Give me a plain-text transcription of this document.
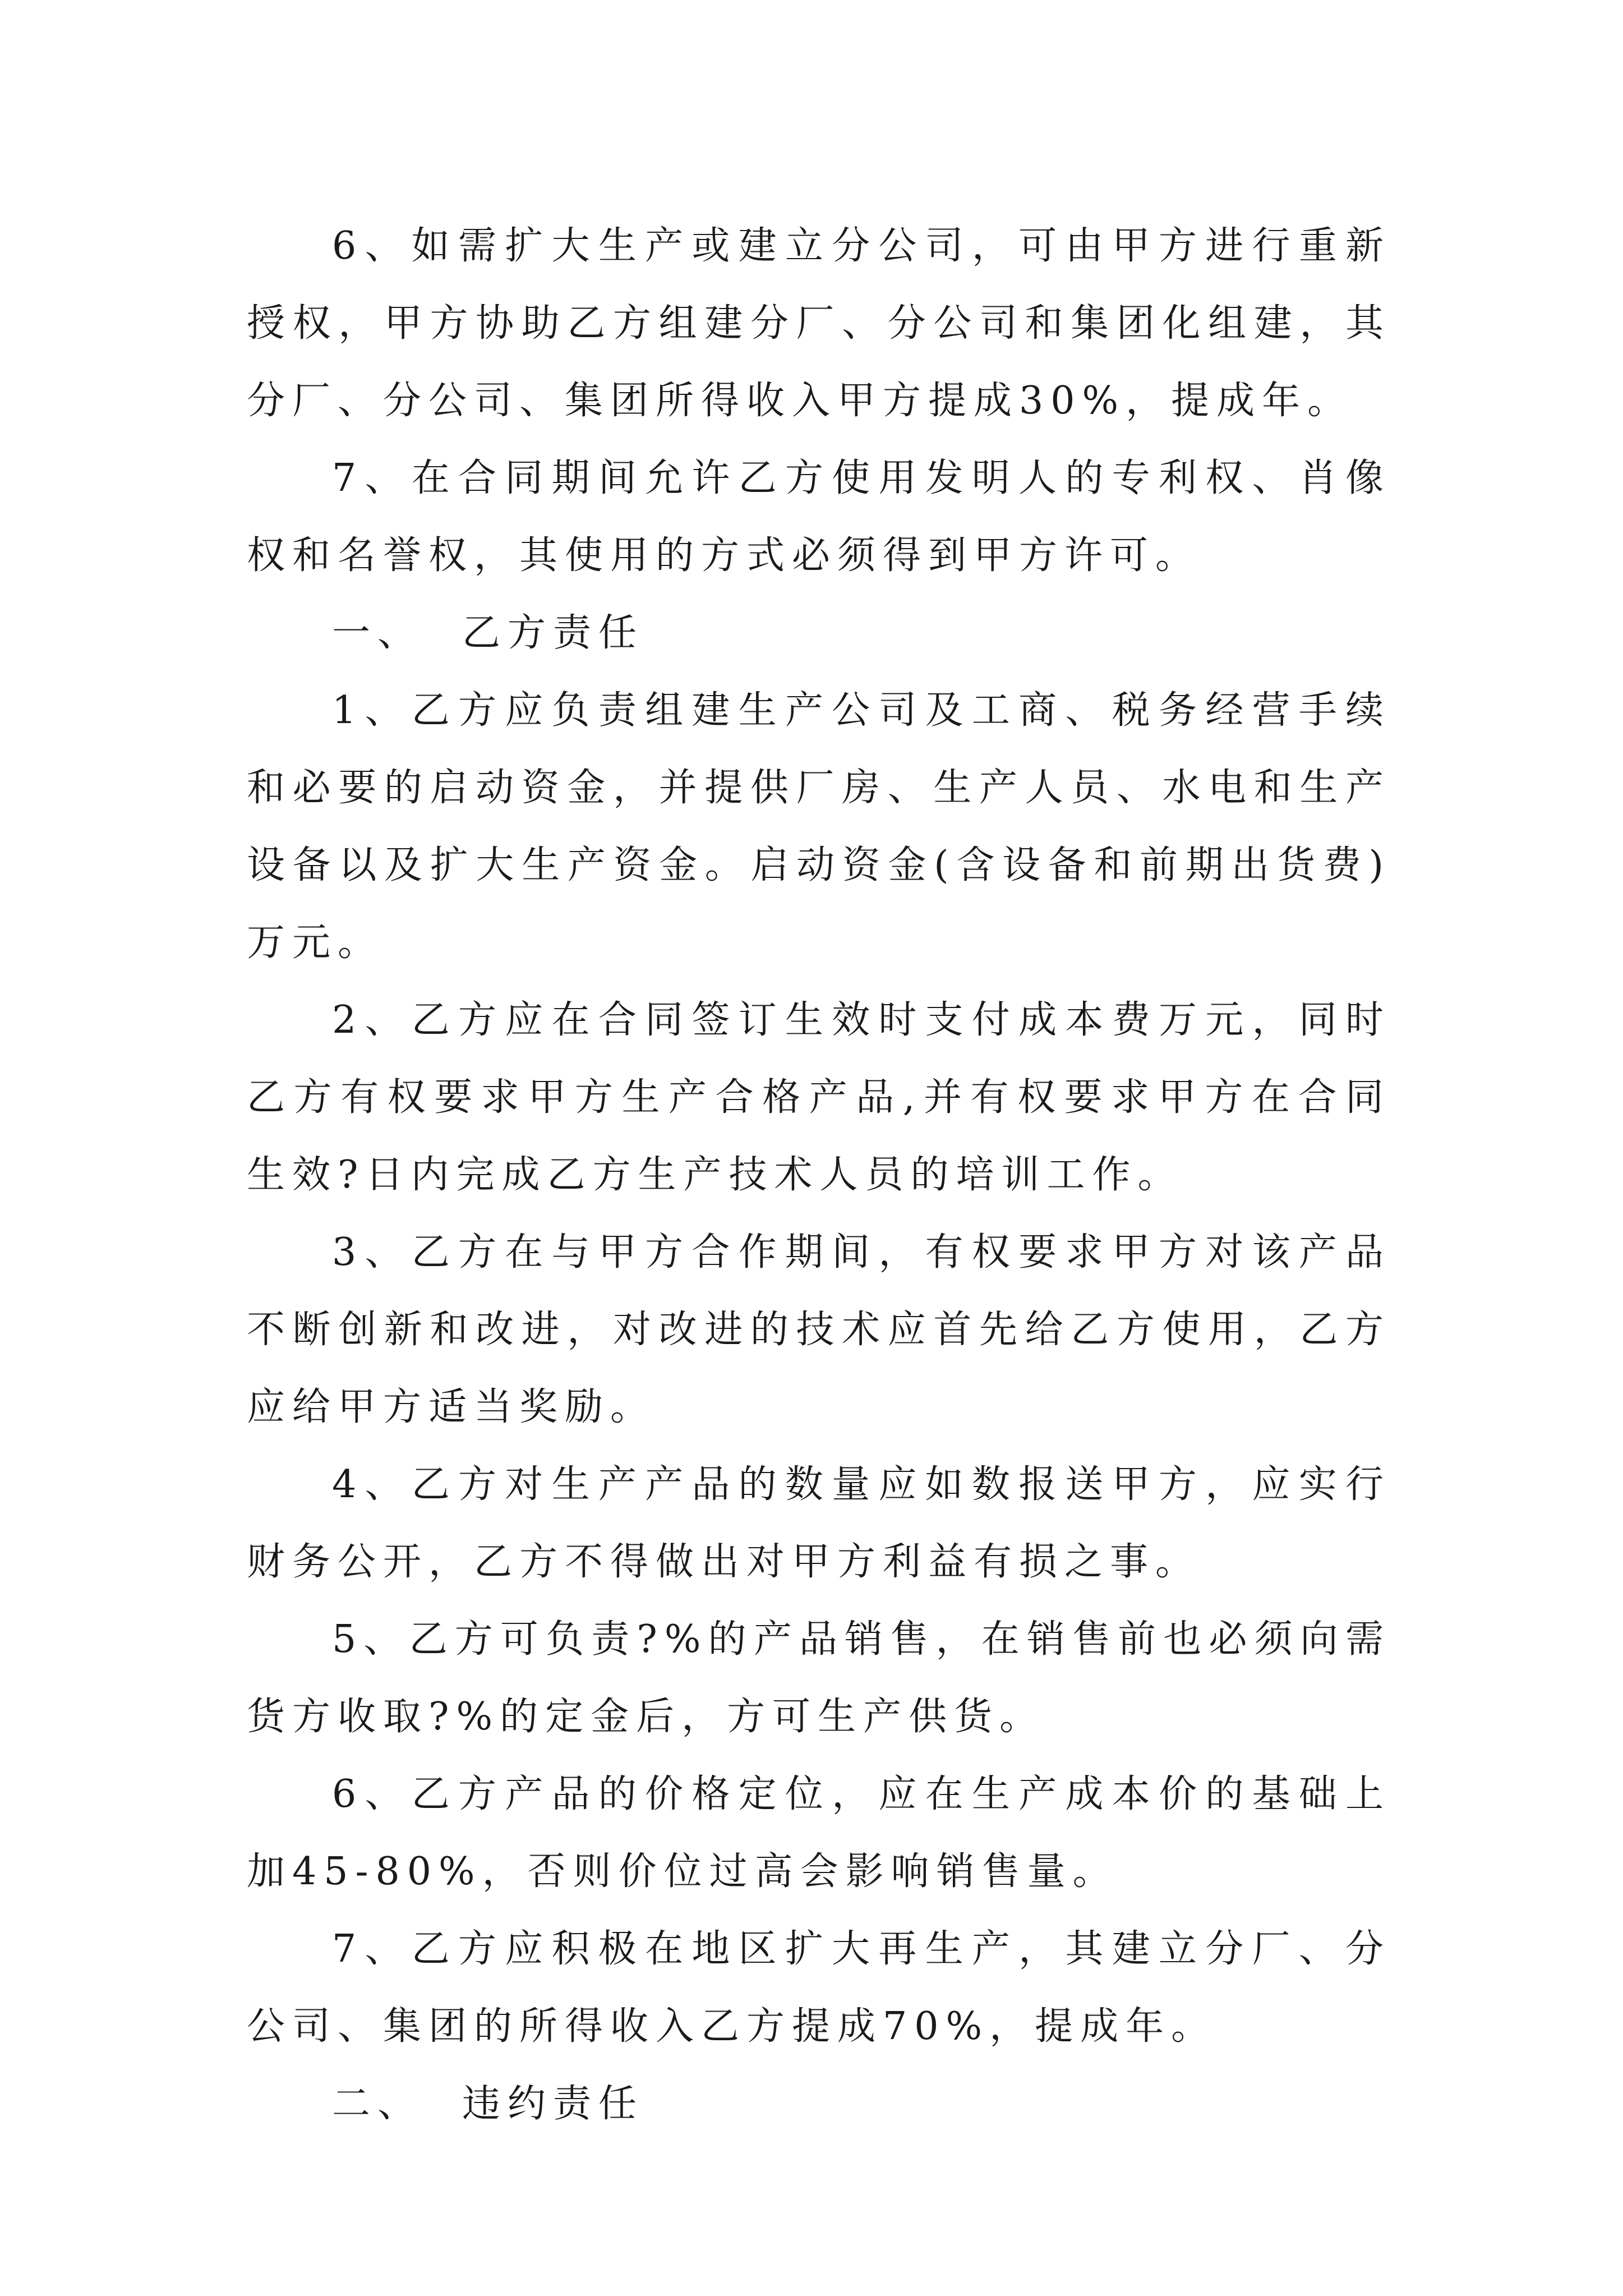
6、如需扩大生产或建立分公司，可由甲方进行重新授权，甲方协助乙方组建分厂、分公司和集团化组建，其分厂、分公司、集团所得收入甲方提成30%，提成年。

7、在合同期间允许乙方使用发明人的专利权、肖像权和名誉权，其使用的方式必须得到甲方许可。

一、 乙方责任

1、乙方应负责组建生产公司及工商、税务经营手续和必要的启动资金，并提供厂房、生产人员、水电和生产设备以及扩大生产资金。启动资金(含设备和前期出货费)万元。

2、乙方应在合同签订生效时支付成本费万元，同时乙方有权要求甲方生产合格产品,并有权要求甲方在合同生效?日内完成乙方生产技术人员的培训工作。

3、乙方在与甲方合作期间，有权要求甲方对该产品不断创新和改进，对改进的技术应首先给乙方使用，乙方应给甲方适当奖励。

4、乙方对生产产品的数量应如数报送甲方，应实行财务公开，乙方不得做出对甲方利益有损之事。

5、乙方可负责?%的产品销售，在销售前也必须向需货方收取?%的定金后，方可生产供货。

6、乙方产品的价格定位，应在生产成本价的基础上加45-80%，否则价位过高会影响销售量。

7、乙方应积极在地区扩大再生产，其建立分厂、分公司、集团的所得收入乙方提成70%，提成年。

二、 违约责任
